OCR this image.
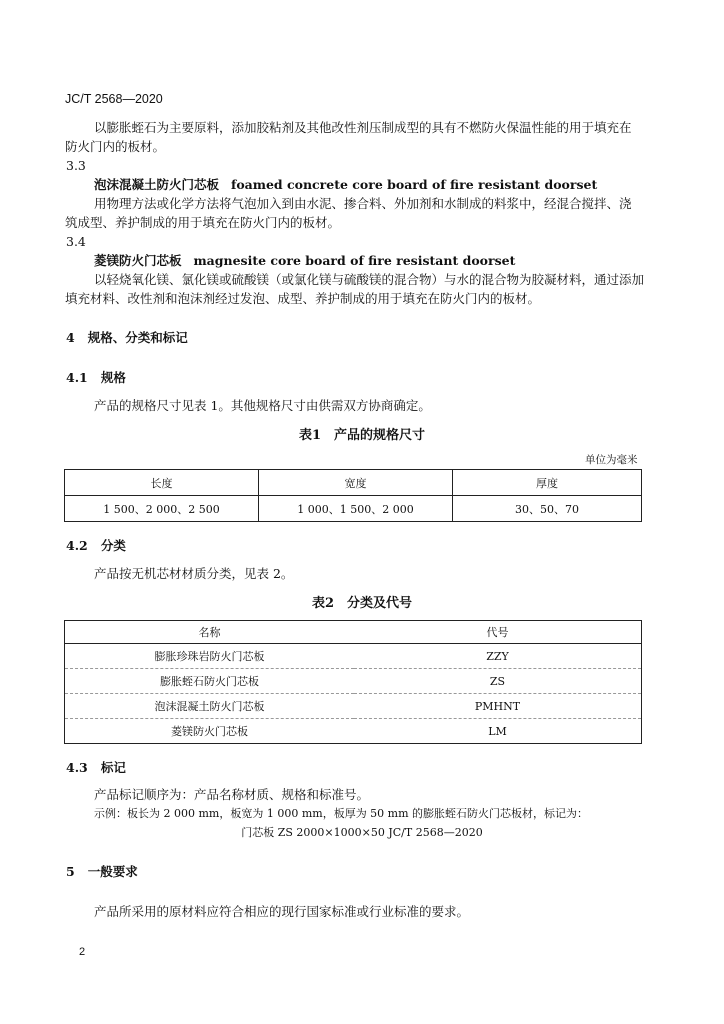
JC/T 2568—2020
以膨胀蛭石为主要原料，添加胶粘剂及其他改性剂压制成型的具有不燃防火保温性能的用于填充在
防火门内的板材。
3.3
泡沫混凝土防火门芯板 foamed concrete core board of fire resistant doorset
用物理方法或化学方法将气泡加入到由水泥、掺合料、外加剂和水制成的料浆中，经混合搅拌、浇
筑成型、养护制成的用于填充在防火门内的板材。
3.4
菱镁防火门芯板 magnesite core board of fire resistant doorset
以轻烧氧化镁、氯化镁或硫酸镁（或氯化镁与硫酸镁的混合物）与水的混合物为胶凝材料，通过添加
填充材料、改性剂和泡沫剂经过发泡、成型、养护制成的用于填充在防火门内的板材。
4 规格、分类和标记
4.1 规格
产品的规格尺寸见表 1。其他规格尺寸由供需双方协商确定。
表1　产品的规格尺寸
单位为毫米
长度	宽度	厚度
1 500、2 000、2 500	1 000、1 500、2 000	30、50、70
4.2 分类
产品按无机芯材材质分类，见表 2。
表2　分类及代号
名称	代号
膨胀珍珠岩防火门芯板	ZZY
膨胀蛭石防火门芯板	ZS
泡沫混凝土防火门芯板	PMHNT
菱镁防火门芯板	LM
4.3 标记
产品标记顺序为：产品名称材质、规格和标准号。
示例：板长为 2 000 mm，板宽为 1 000 mm，板厚为 50 mm 的膨胀蛭石防火门芯板材，标记为：
门芯板 ZS 2000×1000×50 JC/T 2568—2020
5 一般要求
产品所采用的原材料应符合相应的现行国家标准或行业标准的要求。
2
